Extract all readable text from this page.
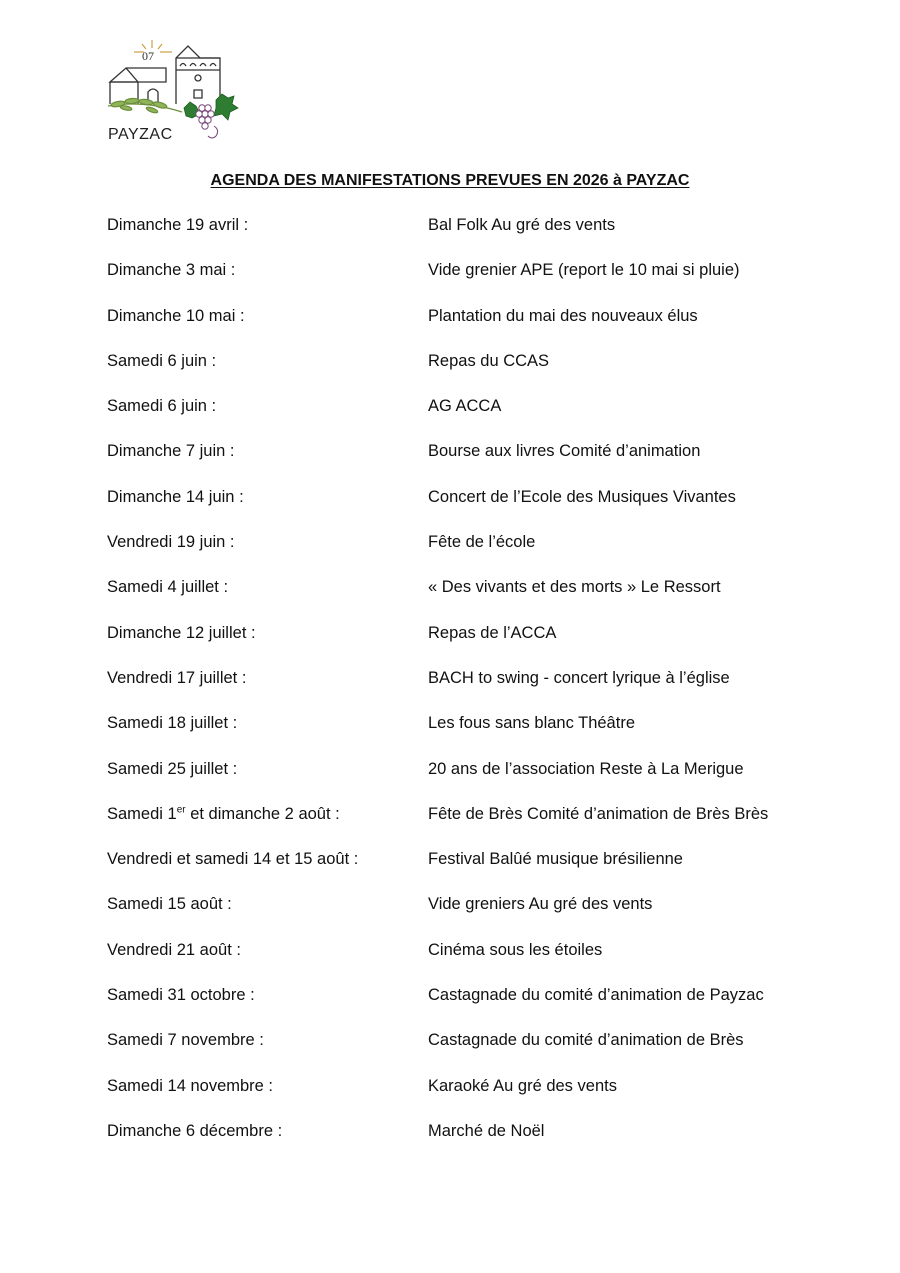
07
PAYZAC
AGENDA DES MANIFESTATIONS PREVUES EN 2026 à PAYZAC
Dimanche 19 avril :	Bal Folk Au gré des vents
Dimanche 3 mai :	Vide grenier APE (report le 10 mai si pluie)
Dimanche 10 mai :	Plantation du mai des nouveaux élus
Samedi 6 juin :	Repas du CCAS
Samedi 6 juin :	AG ACCA
Dimanche 7 juin :	Bourse aux livres Comité d’animation
Dimanche 14 juin :	Concert de l’Ecole des Musiques Vivantes
Vendredi 19 juin :	Fête de l’école
Samedi 4 juillet :	« Des vivants et des morts » Le Ressort
Dimanche 12 juillet :	Repas de l’ACCA
Vendredi 17 juillet :	BACH to swing - concert lyrique à l’église
Samedi 18 juillet :	Les fous sans blanc Théâtre
Samedi 25 juillet :	20 ans de l’association Reste à La Merigue
Samedi 1er et dimanche 2 août :	Fête de Brès Comité d’animation de Brès Brès
Vendredi et samedi 14 et 15 août :	Festival Balûé musique brésilienne
Samedi 15 août :	Vide greniers Au gré des vents
Vendredi 21 août :	Cinéma sous les étoiles
Samedi 31 octobre :	Castagnade du comité d’animation de Payzac
Samedi 7 novembre :	Castagnade du comité d’animation de Brès
Samedi 14 novembre :	Karaoké Au gré des vents
Dimanche 6 décembre :	Marché de Noël
